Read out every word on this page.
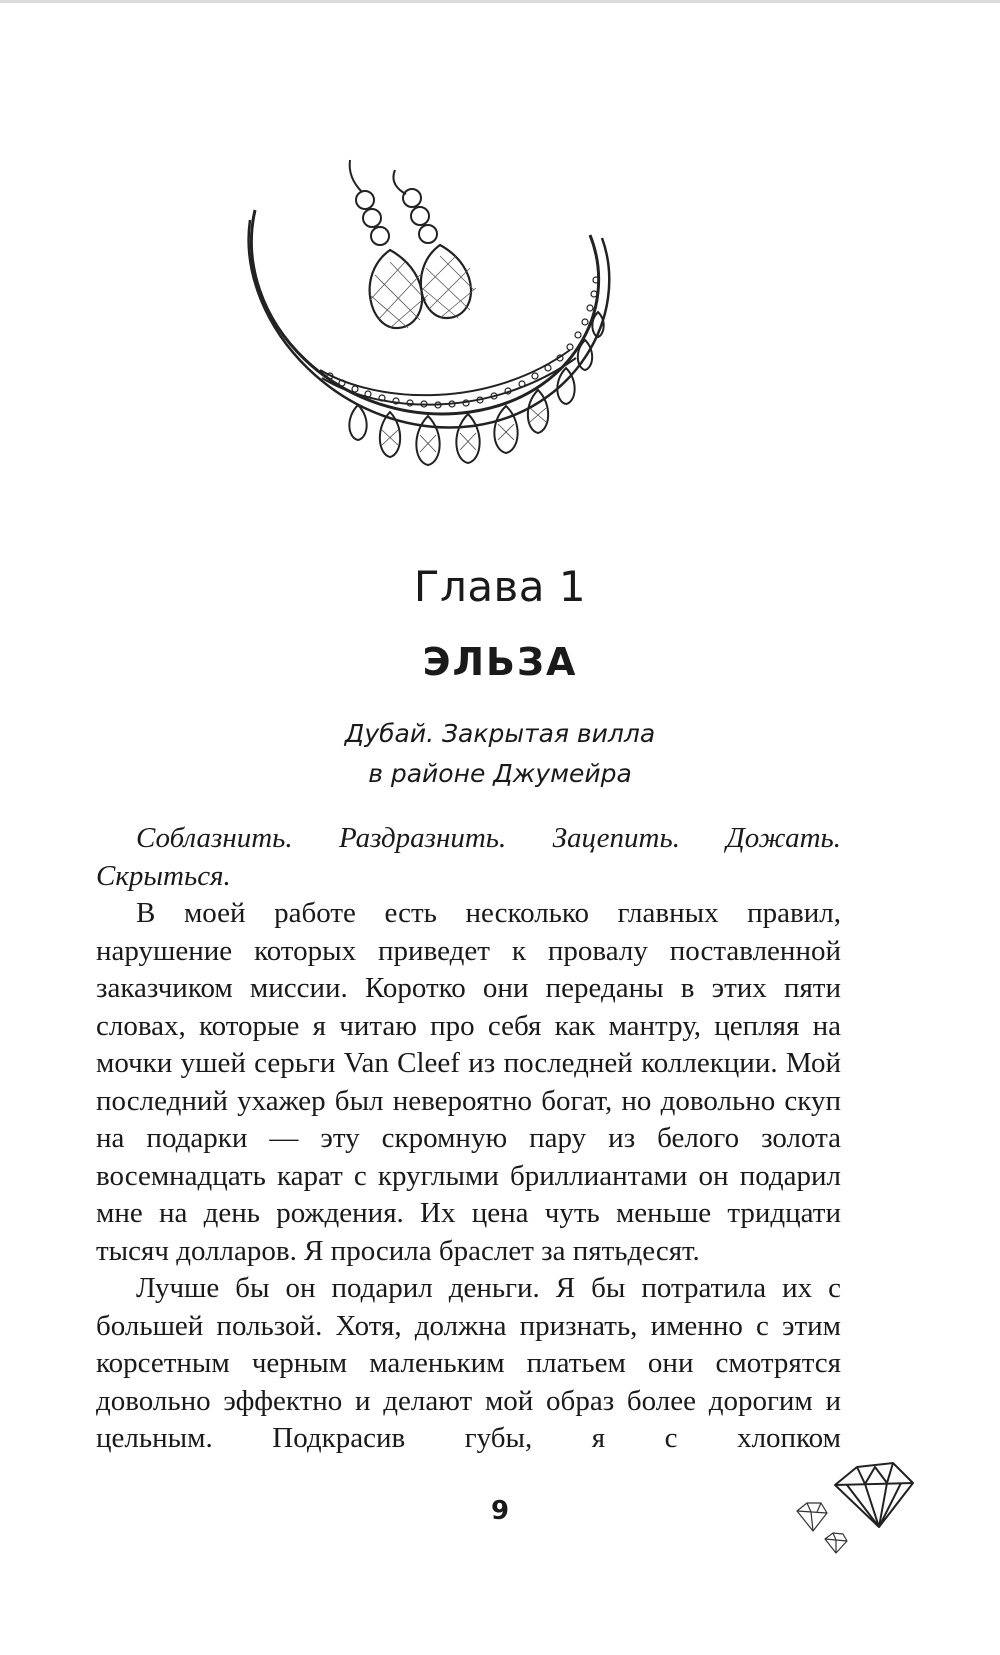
Глава 1
ЭЛЬЗА
Дубай. Закрытая вилла
в районе Джумейра

Соблазнить. Раздразнить. Зацепить. Дожать. Скрыться.

В моей работе есть несколько главных правил, нарушение которых приведет к провалу поставленной заказчиком миссии. Коротко они переданы в этих пяти словах, которые я читаю про себя как мантру, цепляя на мочки ушей серьги Van Cleef из последней коллекции. Мой последний ухажер был невероятно богат, но довольно скуп на подарки — эту скромную пару из белого золота восемнадцать карат с круглыми бриллиантами он подарил мне на день рождения. Их цена чуть меньше тридцати тысяч долларов. Я просила браслет за пятьдесят.

Лучше бы он подарил деньги. Я бы потратила их с большей пользой. Хотя, должна признать, именно с этим корсетным черным маленьким платьем они смотрятся довольно эффектно и делают мой образ более дорогим и цельным. Подкрасив губы, я с хлопком

9
